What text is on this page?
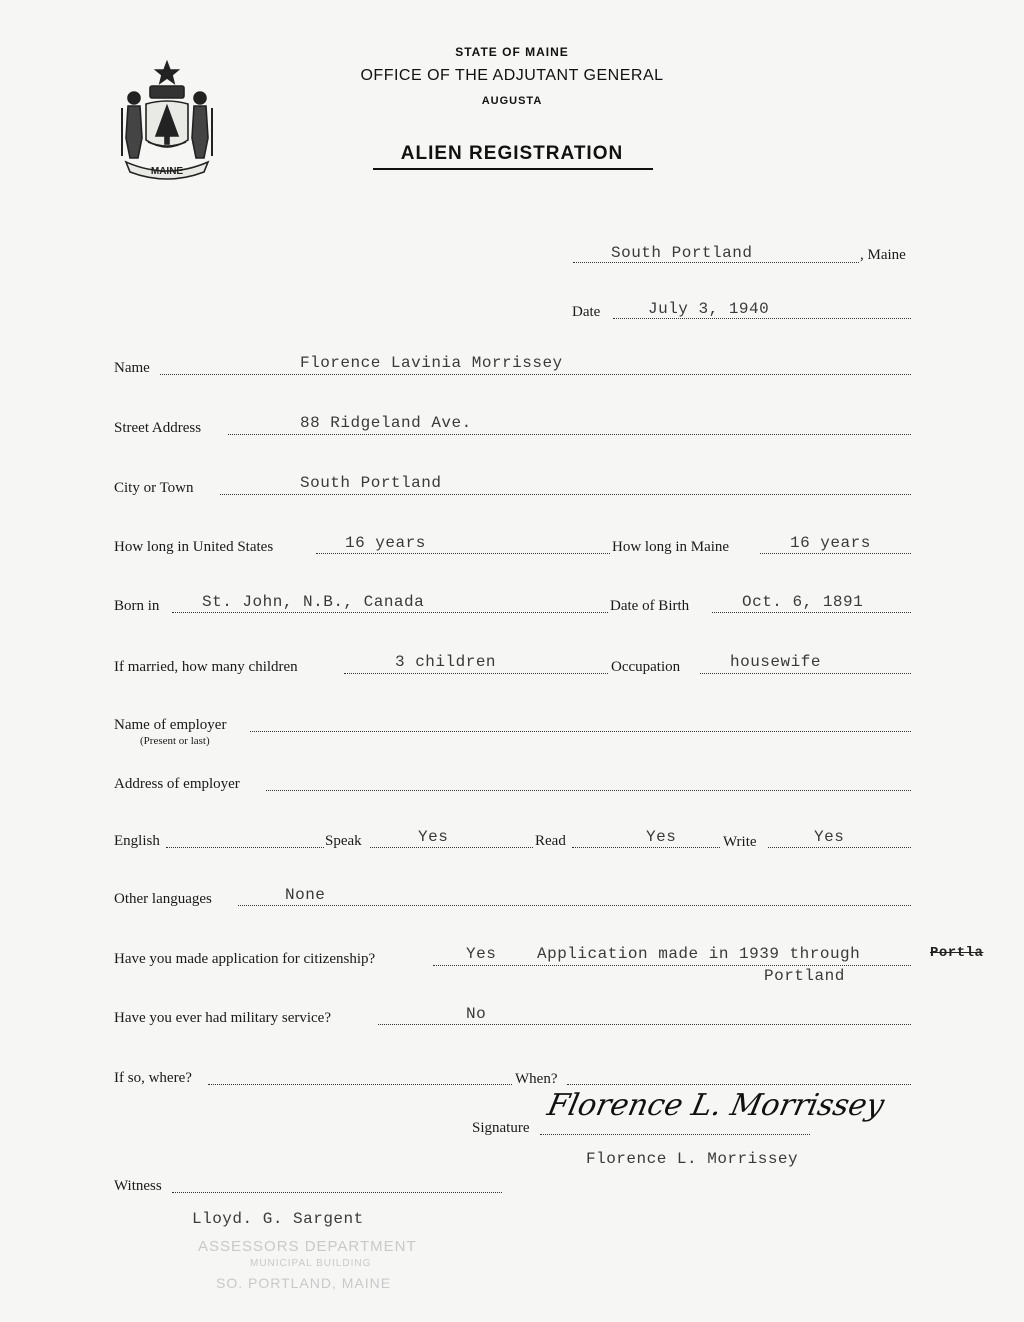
MAINE
STATE OF MAINE
OFFICE OF THE ADJUTANT GENERAL
AUGUSTA
ALIEN REGISTRATION
South Portland	, Maine
Date	July 3, 1940
Name	Florence Lavinia Morrissey
Street Address	88 Ridgeland Ave.
City or Town	South Portland
How long in United States	16 years	How long in Maine	16 years
Born in	St. John, N.B., Canada	Date of Birth	Oct. 6, 1891
If married, how many children	3 children	Occupation	housewife
Name of employer
(Present or last)
Address of employer
English	Speak	Yes	Read	Yes	Write	Yes
Other languages	None
Have you made application for citizenship?	Yes	Application made in 1939 through	Portla
Portland
Have you ever had military service?	No
If so, where?	When?
Signature
Florence L. Morrissey
Florence L. Morrissey
Witness
Lloyd. G. Sargent
ASSESSORS DEPARTMENT
MUNICIPAL BUILDING
SO. PORTLAND, MAINE
